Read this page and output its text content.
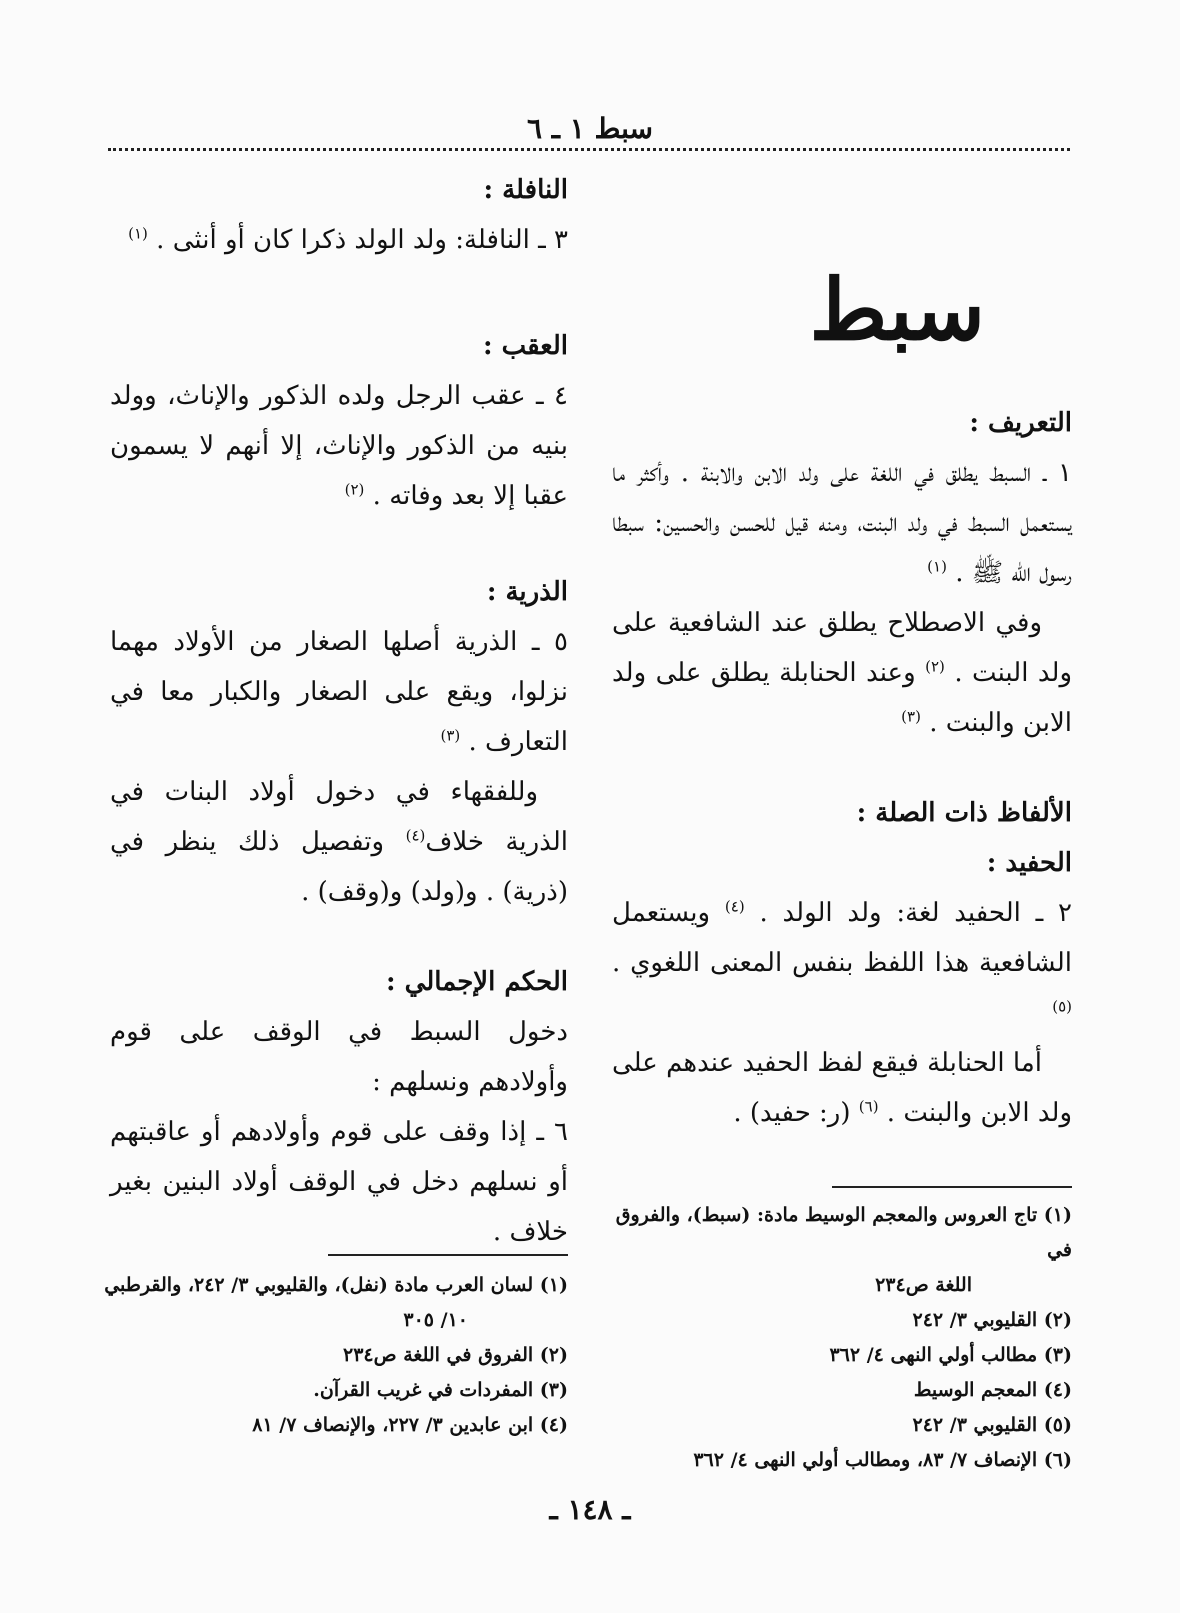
سبط ١ ـ ٦
سبط
التعريف :

١ ـ السبط يطلق في اللغة على ولد الابن والابنة . وأكثر ما يستعمل السبط في ولد البنت، ومنه قيل للحسن والحسين: سبطا رسول الله ﷺ . $^{(١)}$

وفي الاصطلاح يطلق عند الشافعية على ولد البنت . $^{(٢)}$ وعند الحنابلة يطلق على ولد الابن والبنت . $^{(٣)}$

الألفاظ ذات الصلة :
الحفيد :

٢ ـ الحفيد لغة: ولد الولد . $^{(٤)}$ ويستعمل الشافعية هذا اللفظ بنفس المعنى اللغوي . $^{(٥)}$

أما الحنابلة فيقع لفظ الحفيد عندهم على ولد الابن والبنت . $^{(٦)}$ (ر: حفيد) .

النافلة :

٣ ـ النافلة: ولد الولد ذكرا كان أو أنثى . $^{(١)}$

العقب :

٤ ـ عقب الرجل ولده الذكور والإناث، وولد بنيه من الذكور والإناث، إلا أنهم لا يسمون عقبا إلا بعد وفاته . $^{(٢)}$

الذرية :

٥ ـ الذرية أصلها الصغار من الأولاد مهما نزلوا، ويقع على الصغار والكبار معا في التعارف . $^{(٣)}$

وللفقهاء في دخول أولاد البنات في الذرية خلاف$^{(٤)}$ وتفصيل ذلك ينظر في (ذرية) . و(ولد) و(وقف) .

الحكم الإجمالي :

دخول السبط في الوقف على قوم وأولادهم ونسلهم :

٦ ـ إذا وقف على قوم وأولادهم أو عاقبتهم أو نسلهم دخل في الوقف أولاد البنين بغير خلاف .

(١) تاج العروس والمعجم الوسيط مادة: (سبط)، والفروق في
اللغة ص٢٣٤
(٢) القليوبي ٣/ ٢٤٢
(٣) مطالب أولي النهى ٤/ ٣٦٢
(٤) المعجم الوسيط
(٥) القليوبي ٣/ ٢٤٢
(٦) الإنصاف ٧/ ٨٣، ومطالب أولي النهى ٤/ ٣٦٢
(١) لسان العرب مادة (نفل)، والقليوبي ٣/ ٢٤٢، والقرطبي
١٠/ ٣٠٥
(٢) الفروق في اللغة ص٢٣٤
(٣) المفردات في غريب القرآن.
(٤) ابن عابدين ٣/ ٢٢٧، والإنصاف ٧/ ٨١
ـ ١٤٨ ـ
